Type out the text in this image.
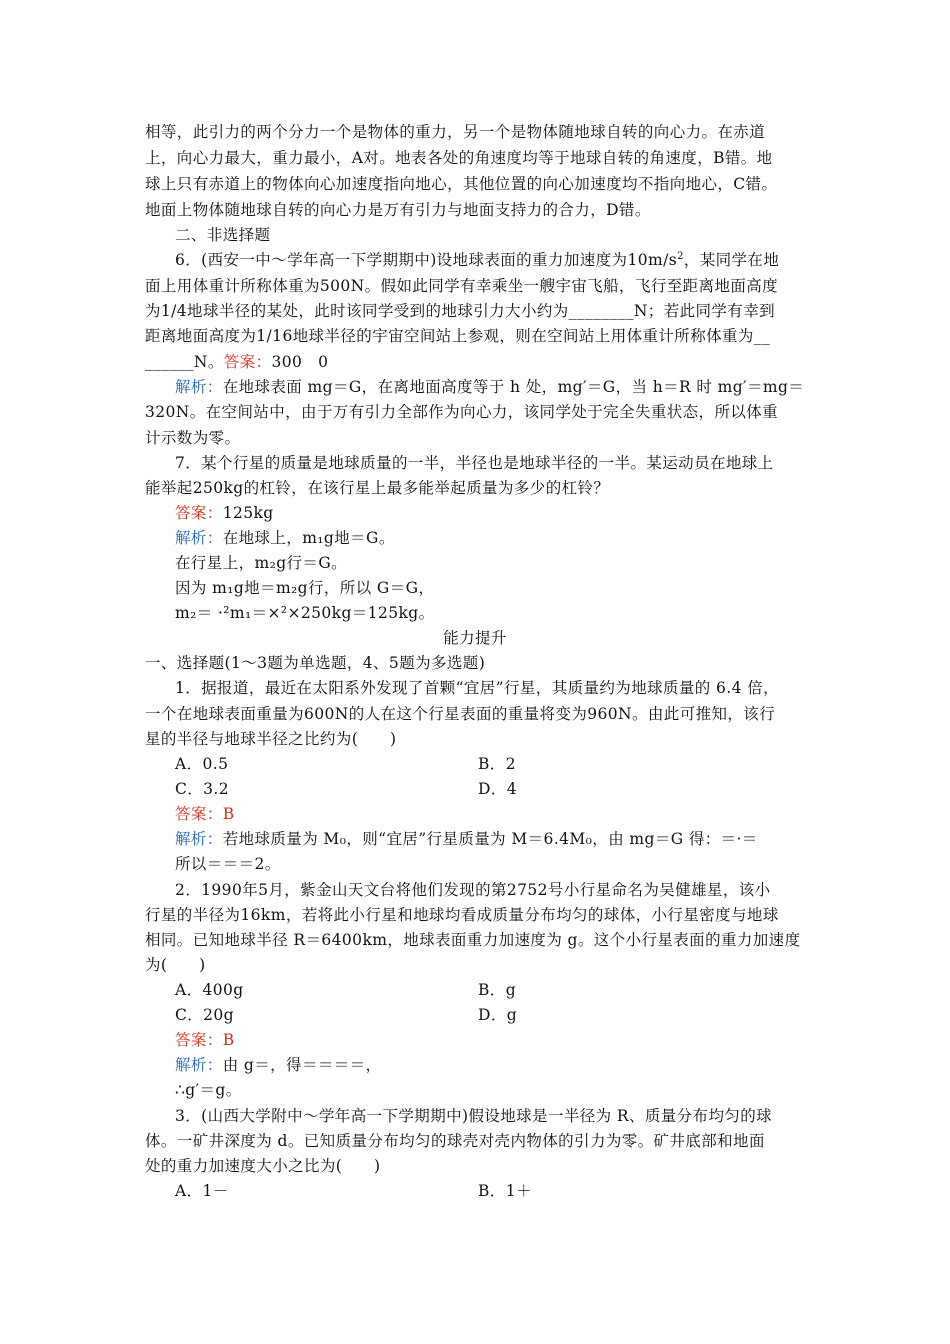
相等，此引力的两个分力一个是物体的重力，另一个是物体随地球自转的向心力。在赤道
上，向心力最大，重力最小，A对。地表各处的角速度均等于地球自转的角速度，B错。地
球上只有赤道上的物体向心加速度指向地心，其他位置的向心加速度均不指向地心，C错。
地面上物体随地球自转的向心力是万有引力与地面支持力的合力，D错。
二、非选择题
6．(西安一中～学年高一下学期期中)设地球表面的重力加速度为$10m/s^2$，某同学在地
面上用体重计所称体重为500N。假如此同学有幸乘坐一艘宇宙飞船，飞行至距离地面高度
为1/4地球半径的某处，此时该同学受到的地球引力大小约为________N；若此同学有幸到
距离地面高度为1/16地球半径的宇宙空间站上参观，则在空间站上用体重计所称体重为__
______N。答案：300　0
解析：在地球表面 mg＝G，在离地面高度等于 h 处，mg′＝G，当 h＝R 时 mg′＝mg＝
320N。在空间站中，由于万有引力全部作为向心力，该同学处于完全失重状态，所以体重
计示数为零。
7．某个行星的质量是地球质量的一半，半径也是地球半径的一半。某运动员在地球上
能举起250kg的杠铃，在该行星上最多能举起质量为多少的杠铃？
答案：125kg
解析：在地球上，m₁g地＝G。
在行星上，m₂g行＝G。
因为 m₁g地＝m₂g行，所以 G＝G，
m₂＝ ·²m₁＝×²×250kg＝125kg。
能力提升
一、选择题(1～3题为单选题，4、5题为多选题)
1．据报道，最近在太阳系外发现了首颗“宜居”行星，其质量约为地球质量的 6.4 倍，
一个在地球表面重量为600N的人在这个行星表面的重量将变为960N。由此可推知，该行
星的半径与地球半径之比约为(　　)
A．0.5	B．2
C．3.2	D．4
答案：B
解析：若地球质量为 M₀，则“宜居”行星质量为 M＝6.4M₀，由 mg＝G 得：＝·＝
所以＝＝＝2。
2．1990年5月，紫金山天文台将他们发现的第2752号小行星命名为吴健雄星，该小
行星的半径为16km，若将此小行星和地球均看成质量分布均匀的球体，小行星密度与地球
相同。已知地球半径 R＝6400km，地球表面重力加速度为 g。这个小行星表面的重力加速度
为(　　)
A．400g	B．g
C．20g	D．g
答案：B
解析：由 g＝，得＝＝＝＝，
∴g′＝g。
3．(山西大学附中～学年高一下学期期中)假设地球是一半径为 R、质量分布均匀的球
体。一矿井深度为 d。已知质量分布均匀的球壳对壳内物体的引力为零。矿井底部和地面
处的重力加速度大小之比为(　　)
A．1－	B．1＋
